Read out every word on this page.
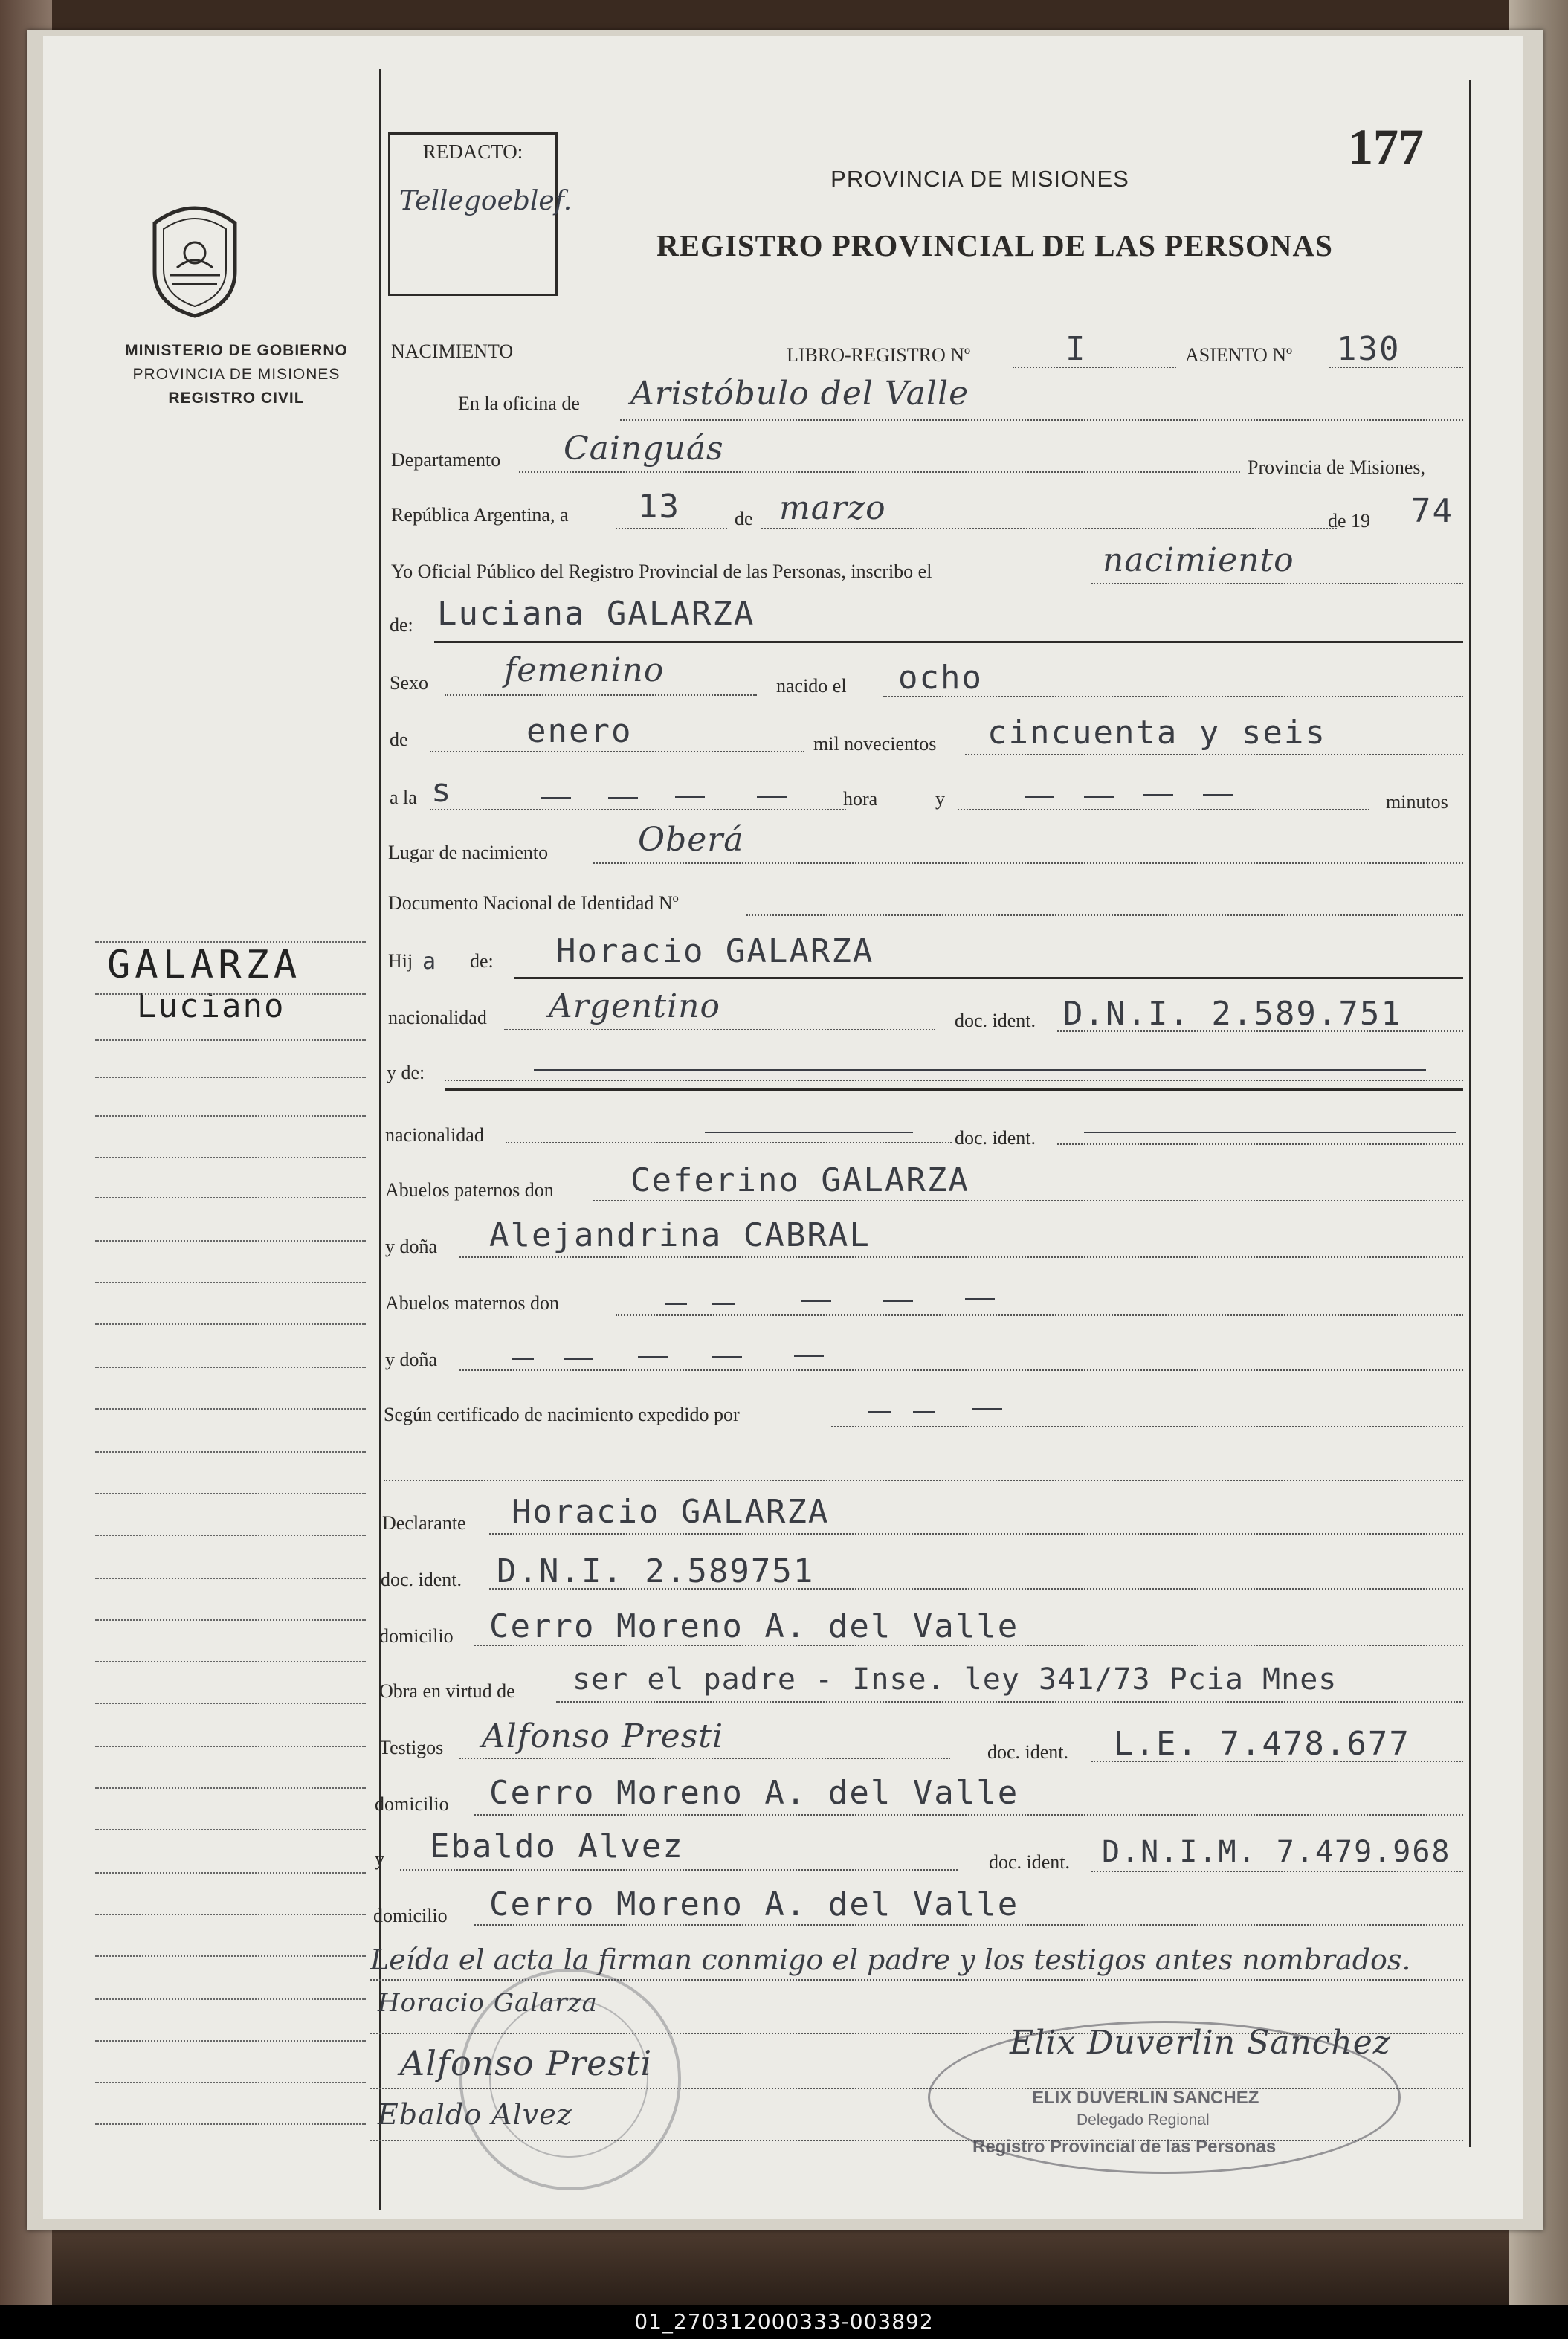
MINISTERIO DE GOBIERNO
PROVINCIA DE MISIONES
REGISTRO CIVIL
GALARZA
Luciano
REDACTO:
Tellegoeblef.
177
PROVINCIA DE MISIONES
REGISTRO PROVINCIAL DE LAS PERSONAS
NACIMIENTO	LIBRO-REGISTRO Nº	I	ASIENTO Nº 130
En la oficina de Aristóbulo del Valle
Departamento Cainguás	Provincia de Misiones,
República Argentina, a 13	de marzo	de 19 74
Yo Oficial Público del Registro Provincial de las Personas, inscribo el	nacimiento
de: Luciana GALARZA
Sexo femenino	nacido el ocho
de	enero	mil novecientos cincuenta y seis
a la s	hora	y	minutos
Lugar de nacimiento	Oberá
Documento Nacional de Identidad Nº
Hij a de: Horacio GALARZA
nacionalidad Argentino	doc. ident. D.N.I. 2.589.751
y de:
nacionalidad	doc. ident.
Abuelos paternos don Ceferino GALARZA
y doña Alejandrina CABRAL
Abuelos maternos don
y doña
Según certificado de nacimiento expedido por
Declarante Horacio GALARZA
doc. ident. D.N.I. 2.589751
domicilio Cerro Moreno A. del Valle
Obra en virtud de ser el padre - Inse. ley 341/73 Pcia Mnes
Testigos Alfonso Presti	doc. ident. L.E. 7.478.677
domicilio Cerro Moreno A. del Valle
y Ebaldo Alvez	doc. ident. D.N.I.M. 7.479.968
domicilio Cerro Moreno A. del Valle
Leída el acta la firman conmigo el padre y los testigos antes nombrados.
Horacio Galarza
Alfonso Presti
Ebaldo Alvez
Elix Duverlin Sanchez
ELIX DUVERLIN SANCHEZ
Delegado Regional
Registro Provincial de las Personas
01_270312000333-003892
